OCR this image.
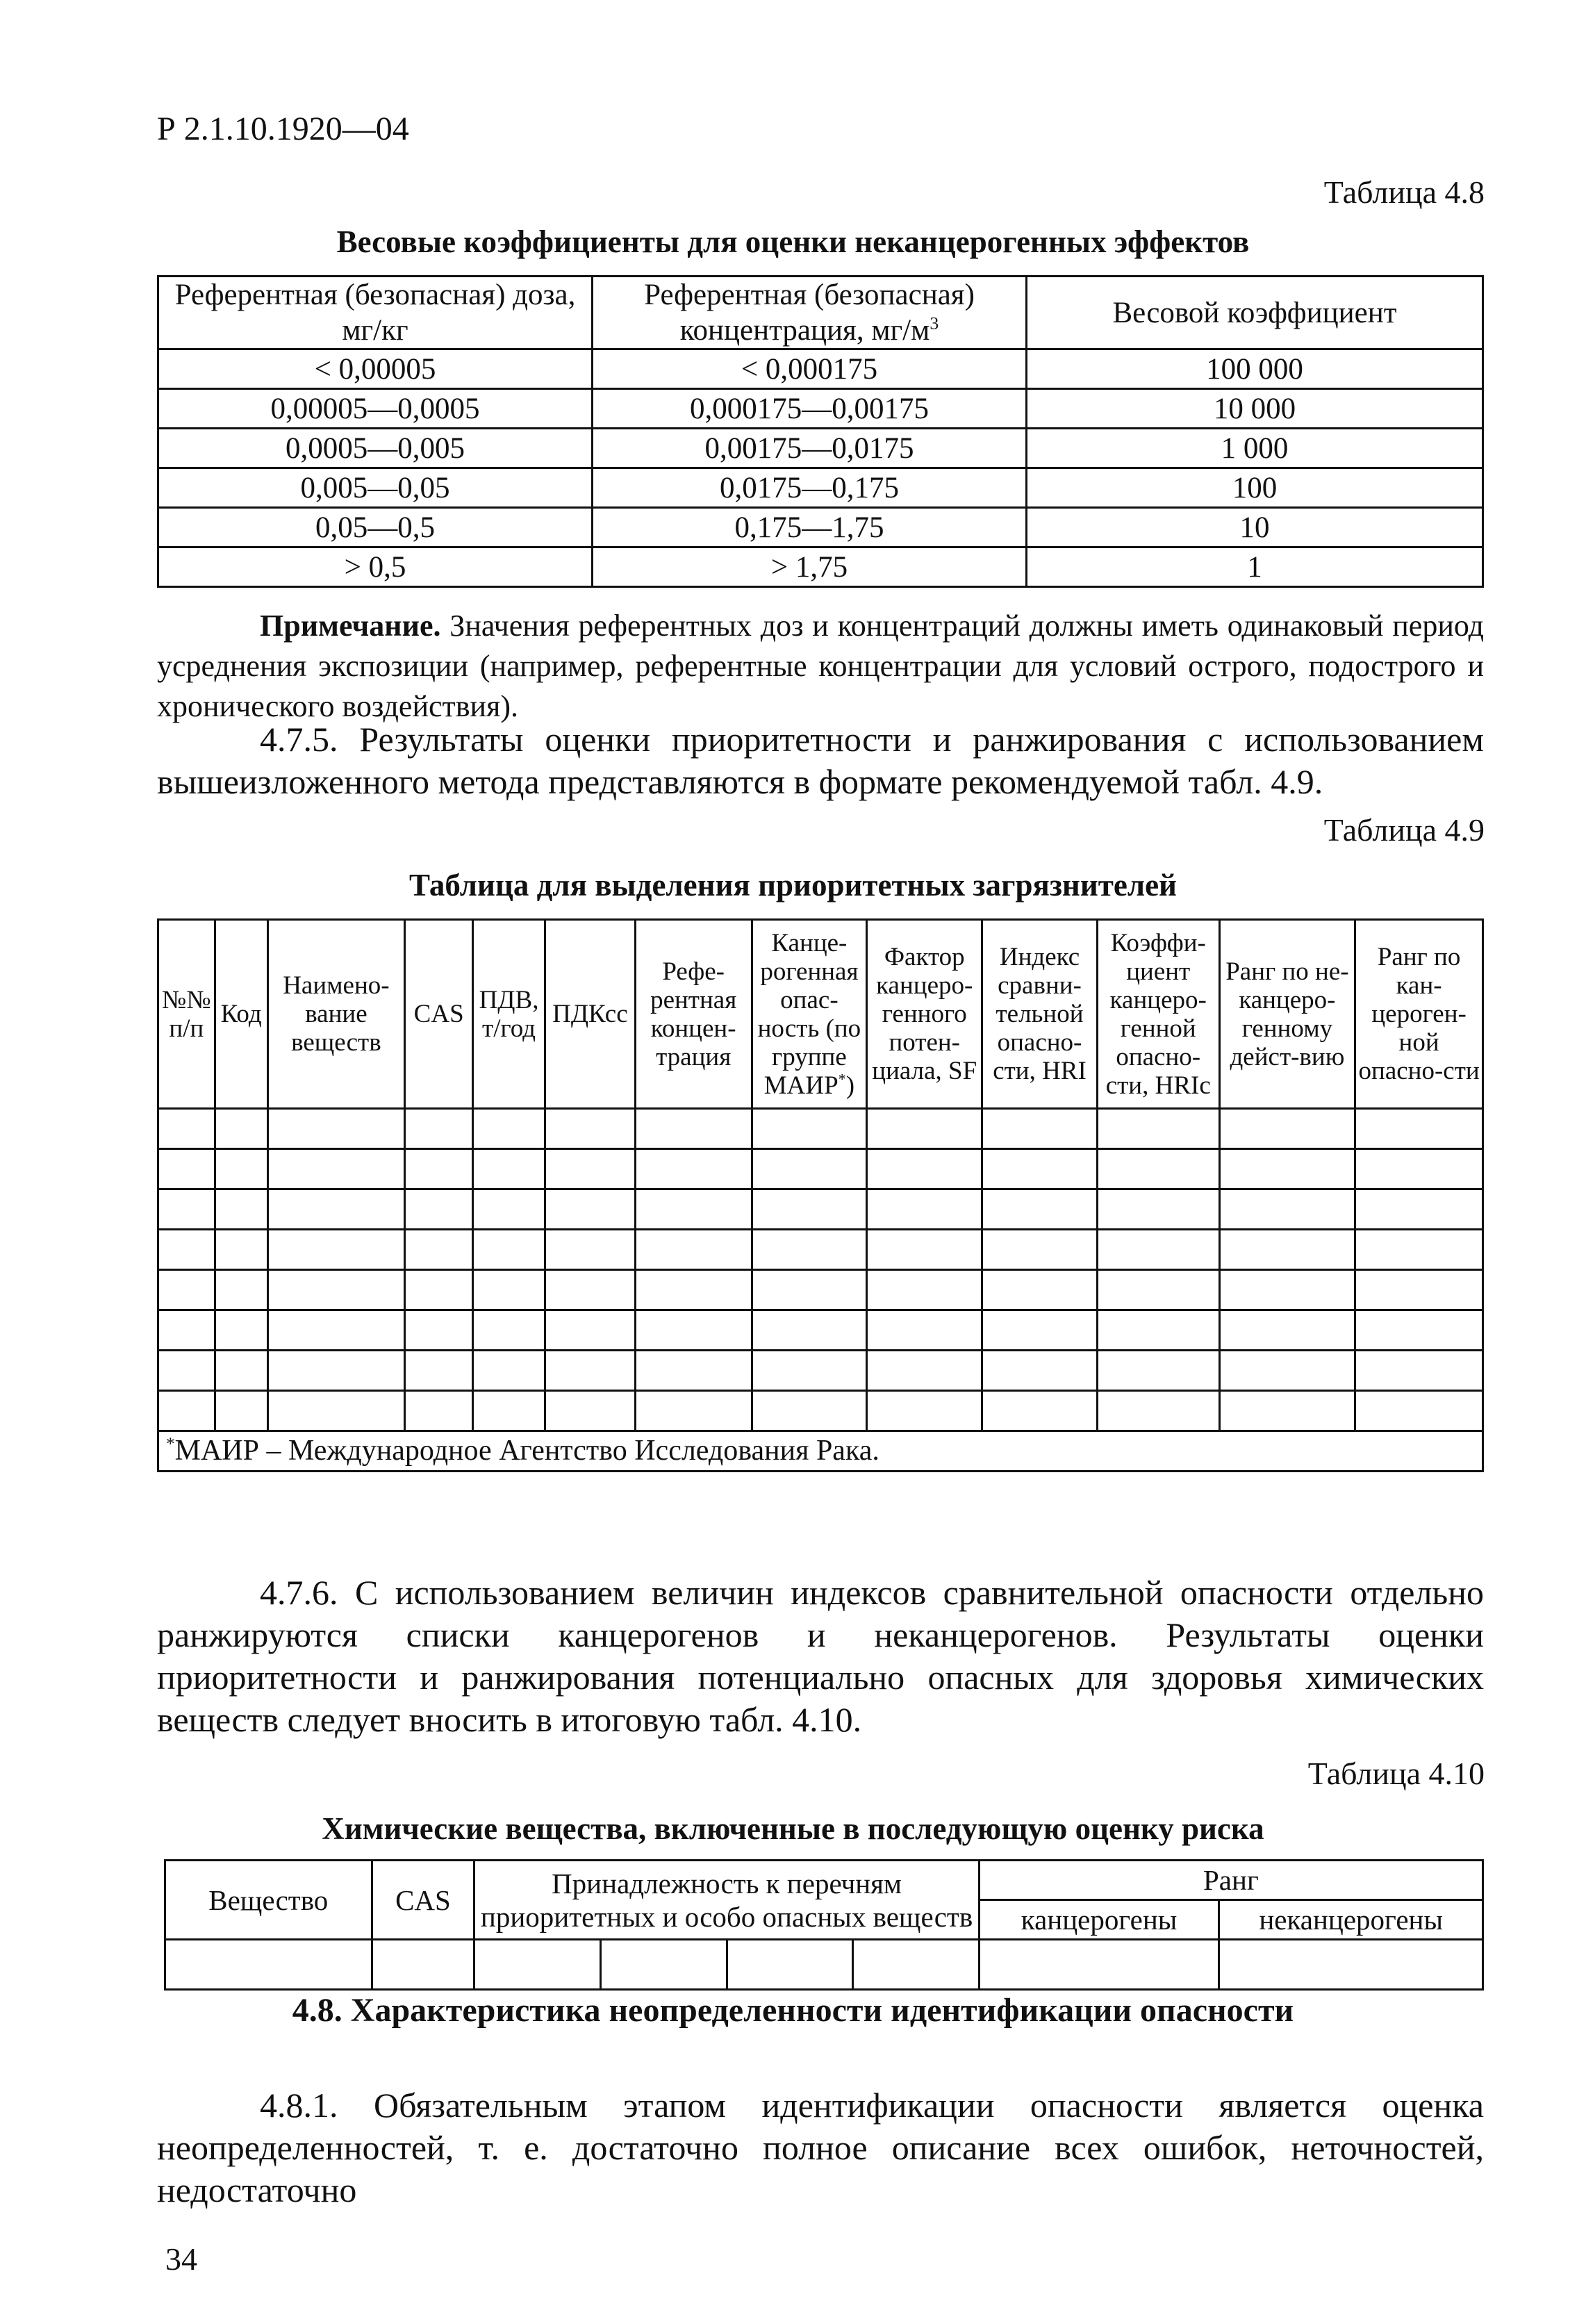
Р 2.1.10.1920—04
Таблица 4.8
Весовые коэффициенты для оценки неканцерогенных эффектов
Референтная (безопасная) доза, мг/кг	Референтная (безопасная) концентрация, $мг/м^3$	Весовой коэффициент
< 0,00005	< 0,000175	100 000
0,00005—0,0005	0,000175—0,00175	10 000
0,0005—0,005	0,00175—0,0175	1 000
0,005—0,05	0,0175—0,175	100
0,05—0,5	0,175—1,75	10
> 0,5	> 1,75	1
Примечание. Значения референтных доз и концентраций должны иметь одинаковый период усреднения экспозиции (например, референтные концентрации для условий острого, подострого и хронического воздействия).
4.7.5. Результаты оценки приоритетности и ранжирования с использованием вышеизложенного метода представляются в формате рекомендуемой табл. 4.9.
Таблица 4.9
Таблица для выделения приоритетных загрязнителей
№№ п/п	Код	Наимено-вание веществ	CAS	ПДВ, т/год	ПДКсс	Рефе-рентная концен-трация	Канце-рогенная опас-ность (по группе МАИР*)	Фактор канцеро-генного потен-циала, SF	Индекс сравни-тельной опасно-сти, HRI	Коэффи-циент канцеро-генной опасно-сти, HRIc	Ранг по не-канцеро-генному дейст-вию	Ранг по кан-цероген-ной опасно-сти

*МАИР – Международное Агентство Исследования Рака.												
4.7.6. С использованием величин индексов сравнительной опасности отдельно ранжируются списки канцерогенов и неканцерогенов. Результаты оценки приоритетности и ранжирования потенциально опасных для здоровья химических веществ следует вносить в итоговую табл. 4.10.
Таблица 4.10
Химические вещества, включенные в последующую оценку риска
Вещество	CAS	Принадлежность к перечням приоритетных и особо опасных веществ				Ранг	
						канцерогены	неканцерогены

4.8. Характеристика неопределенности идентификации опасности
4.8.1. Обязательным этапом идентификации опасности является оценка неопределенностей, т. е. достаточно полное описание всех ошибок, неточностей, недостаточно
34
